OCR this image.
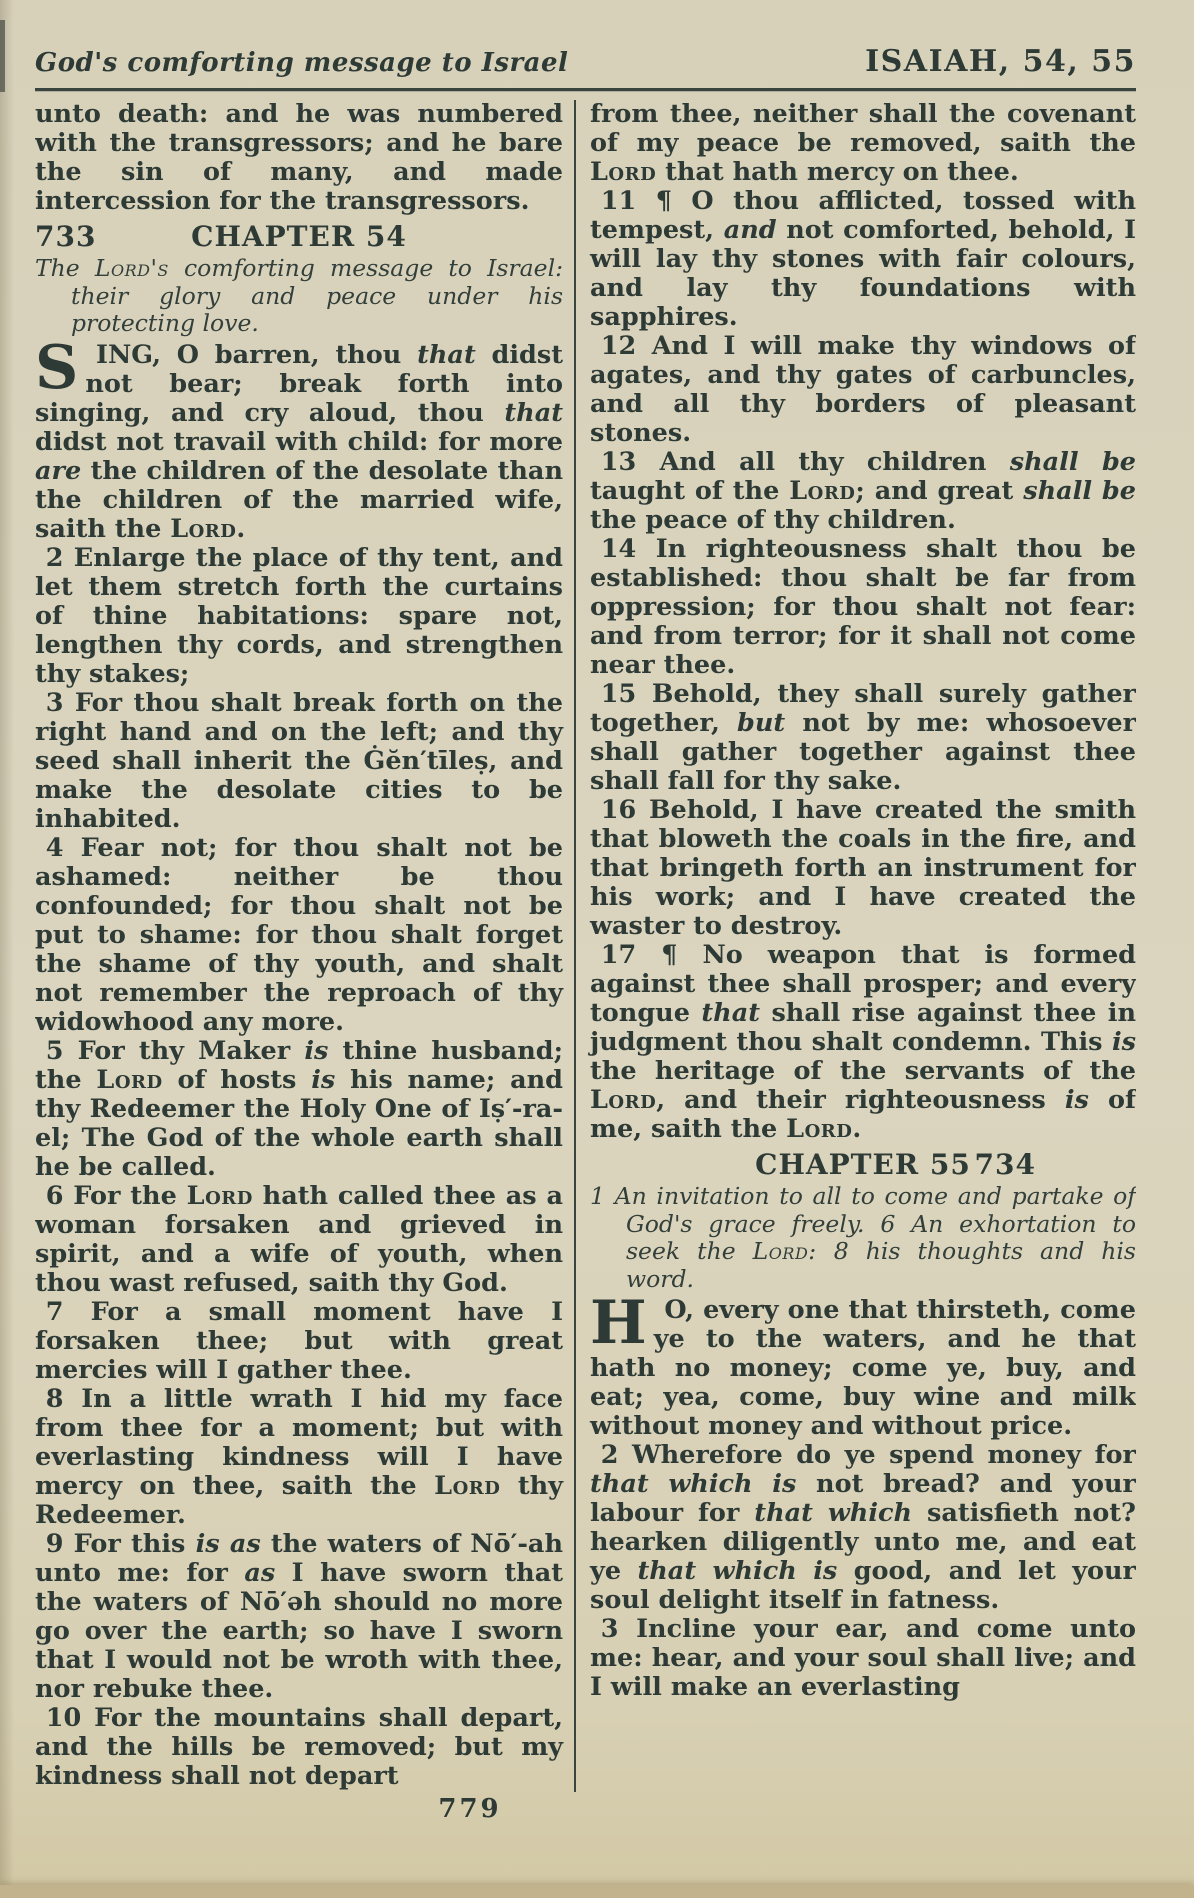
God's comforting message to Israel	ISAIAH, 54, 55

unto death: and he was numbered with the transgressors; and he bare the sin of many, and made intercession for the transgressors.

733	CHAPTER 54

The Lord's comforting message to Israel: their glory and peace under his protecting love.

SING, O barren, thou that didst not bear; break forth into singing, and cry aloud, thou that didst not travail with child: for more are the children of the desolate than the children of the married wife, saith the Lord.

2 Enlarge the place of thy tent, and let them stretch forth the curtains of thine habitations: spare not, lengthen thy cords, and strengthen thy stakes;

3 For thou shalt break forth on the right hand and on the left; and thy seed shall inherit the Ġĕn′tīleṣ, and make the desolate cities to be inhabited.

4 Fear not; for thou shalt not be ashamed: neither be thou confounded; for thou shalt not be put to shame: for thou shalt forget the shame of thy youth, and shalt not remember the reproach of thy widowhood any more.

5 For thy Maker is thine husband; the Lord of hosts is his name; and thy Redeemer the Holy One of Iṣ′-ra-el; The God of the whole earth shall he be called.

6 For the Lord hath called thee as a woman forsaken and grieved in spirit, and a wife of youth, when thou wast refused, saith thy God.

7 For a small moment have I forsaken thee; but with great mercies will I gather thee.

8 In a little wrath I hid my face from thee for a moment; but with everlasting kindness will I have mercy on thee, saith the Lord thy Redeemer.

9 For this is as the waters of Nō′-ah unto me: for as I have sworn that the waters of Nō′əh should no more go over the earth; so have I sworn that I would not be wroth with thee, nor rebuke thee.

10 For the mountains shall depart, and the hills be removed; but my kindness shall not depart

from thee, neither shall the covenant of my peace be removed, saith the Lord that hath mercy on thee.

11 ¶ O thou afflicted, tossed with tempest, and not comforted, behold, I will lay thy stones with fair colours, and lay thy foundations with sapphires.

12 And I will make thy windows of agates, and thy gates of carbuncles, and all thy borders of pleasant stones.

13 And all thy children shall be taught of the Lord; and great shall be the peace of thy children.

14 In righteousness shalt thou be established: thou shalt be far from oppression; for thou shalt not fear: and from terror; for it shall not come near thee.

15 Behold, they shall surely gather together, but not by me: whosoever shall gather together against thee shall fall for thy sake.

16 Behold, I have created the smith that bloweth the coals in the fire, and that bringeth forth an instrument for his work; and I have created the waster to destroy.

17 ¶ No weapon that is formed against thee shall prosper; and every tongue that shall rise against thee in judgment thou shalt condemn. This is the heritage of the servants of the Lord, and their righteousness is of me, saith the Lord.

734
CHAPTER 55

1 An invitation to all to come and partake of God's grace freely. 6 An exhortation to seek the Lord: 8 his thoughts and his word.

H O, every one that thirsteth, come ye to the waters, and he that hath no money; come ye, buy, and eat; yea, come, buy wine and milk without money and without price.

2 Wherefore do ye spend money for that which is not bread? and your labour for that which satisfieth not? hearken diligently unto me, and eat ye that which is good, and let your soul delight itself in fatness.

3 Incline your ear, and come unto me: hear, and your soul shall live; and I will make an everlasting

779
